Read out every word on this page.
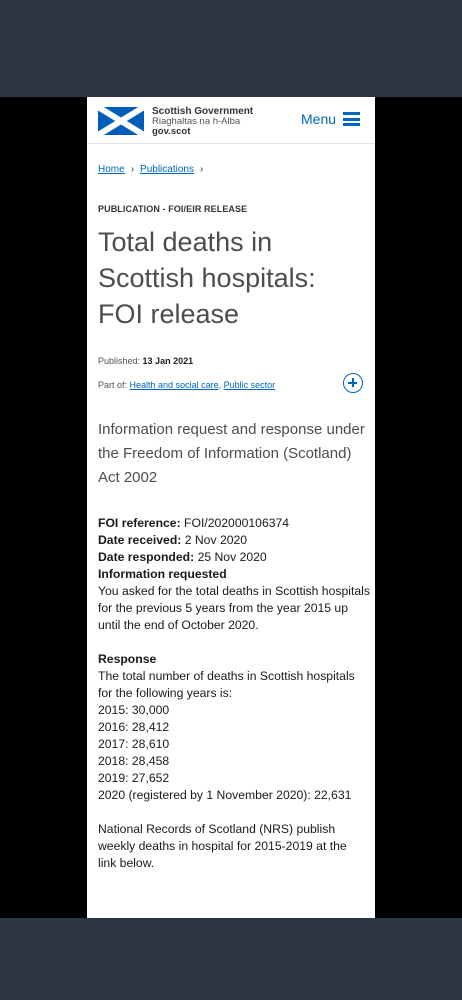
Scottish Government
Riaghaltas na h-Alba
gov.scot
Menu
Home › Publications ›
PUBLICATION - FOI/EIR RELEASE
Total deaths in Scottish hospitals: FOI release
Published: 13 Jan 2021
Part of: Health and social care, Public sector
Information request and response under the Freedom of Information (Scotland) Act 2002

FOI reference: FOI/202000106374

Date received: 2 Nov 2020

Date responded: 25 Nov 2020

Information requested

You asked for the total deaths in Scottish hospitals for the previous 5 years from the year 2015 up until the end of October 2020.

Response

The total number of deaths in Scottish hospitals for the following years is:

2015: 30,000

2016: 28,412

2017: 28,610

2018: 28,458

2019: 27,652

2020 (registered by 1 November 2020): 22,631

National Records of Scotland (NRS) publish weekly deaths in hospital for 2015-2019 at the link below.
